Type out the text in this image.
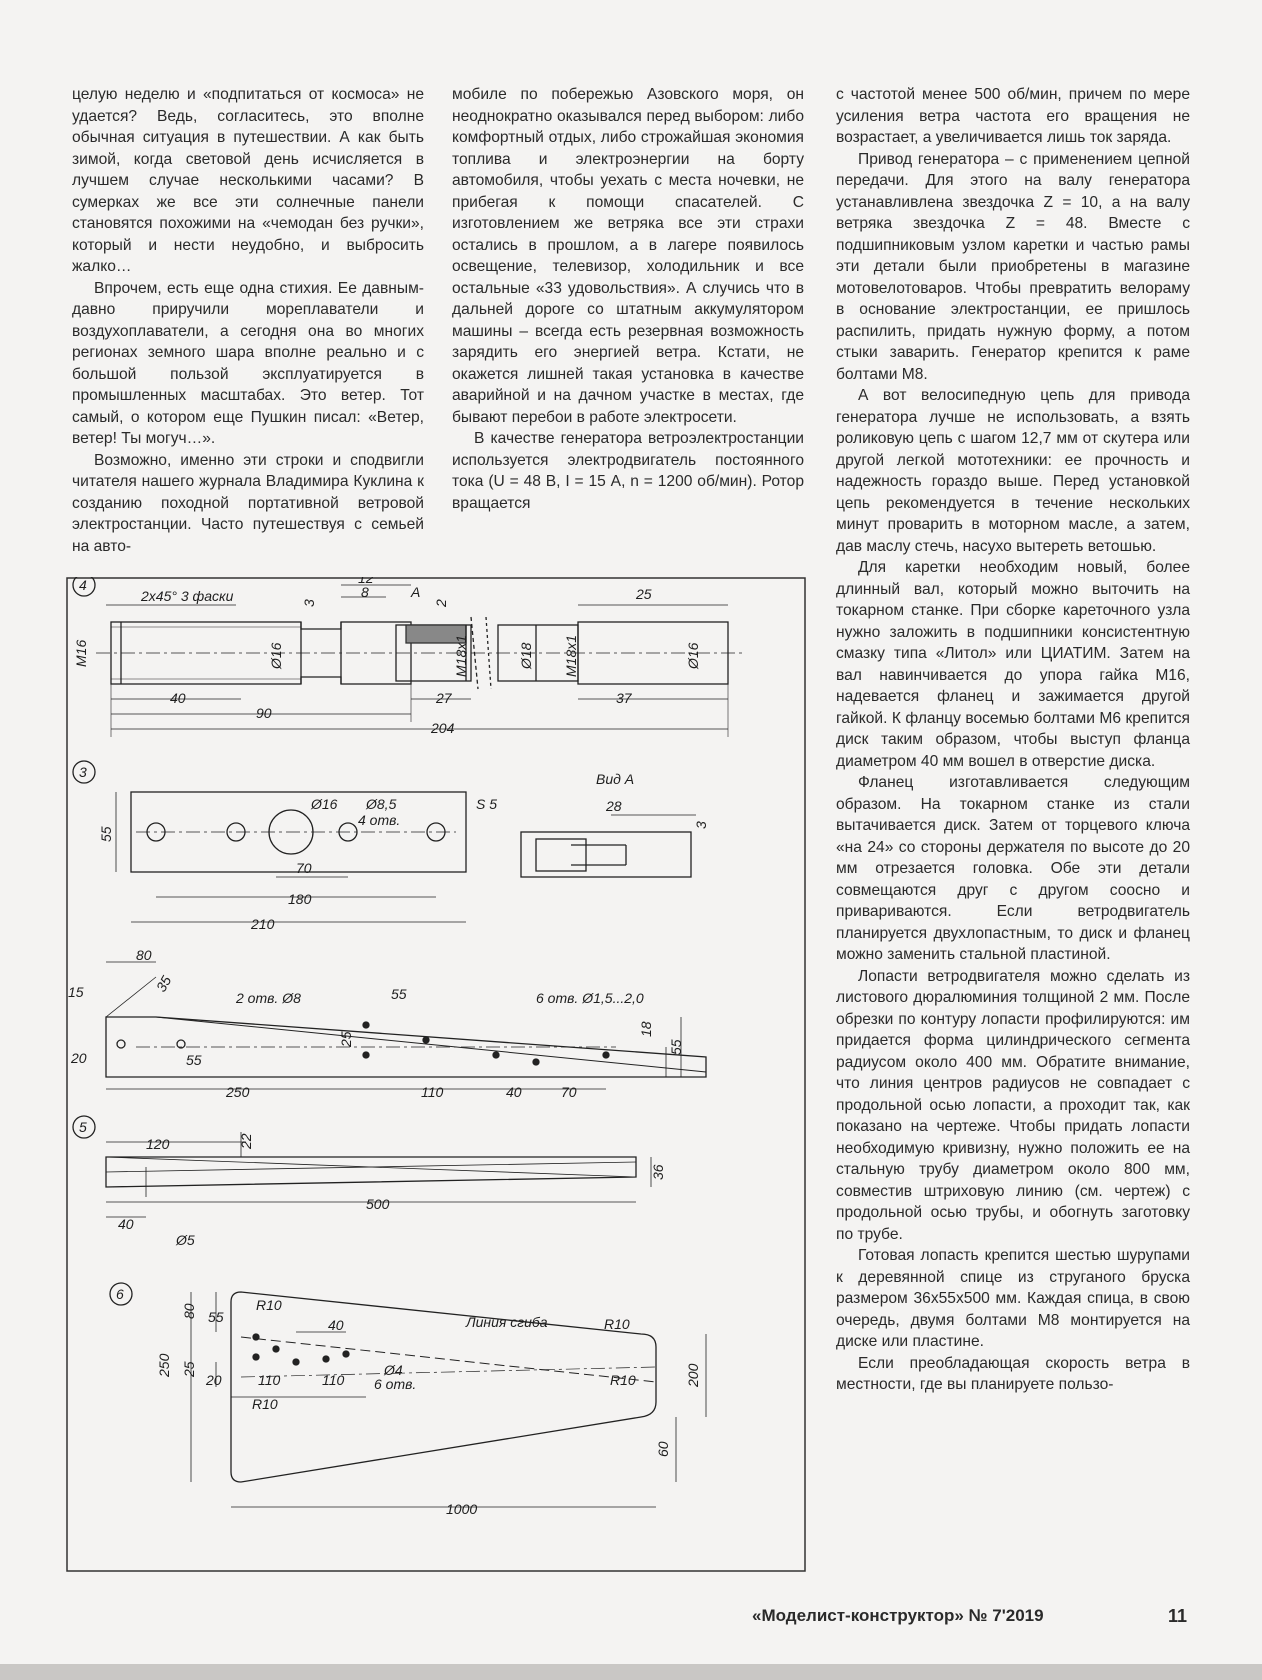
целую неделю и «подпитаться от космоса» не удается? Ведь, согласитесь, это вполне обычная ситуация в путешествии. А как быть зимой, когда световой день исчисляется в лучшем случае несколькими часами? В сумерках же все эти солнечные панели становятся похожими на «чемодан без ручки», который и нести неудобно, и выбросить жалко…

Впрочем, есть еще одна стихия. Ее давным-давно приручили мореплаватели и воздухоплаватели, а сегодня она во многих регионах земного шара вполне реально и с большой пользой эксплуатируется в промышленных масштабах. Это ветер. Тот самый, о котором еще Пушкин писал: «Ветер, ветер! Ты могуч…».

Возможно, именно эти строки и сподвигли читателя нашего журнала Владимира Куклина к созданию походной портативной ветровой электростанции. Часто путешествуя с семьей на авто-

мобиле по побережью Азовского моря, он неоднократно оказывался перед выбором: либо комфортный отдых, либо строжайшая экономия топлива и электроэнергии на борту автомобиля, чтобы уехать с места ночевки, не прибегая к помощи спасателей. С изготовлением же ветряка все эти страхи остались в прошлом, а в лагере появилось освещение, телевизор, холодильник и все остальные «33 удовольствия». А случись что в дальней дороге со штатным аккумулятором машины – всегда есть резервная возможность зарядить его энергией ветра. Кстати, не окажется лишней такая установка в качестве аварийной и на дачном участке в местах, где бывают перебои в работе электросети.

В качестве генератора ветроэлектростанции используется электродвигатель постоянного тока (U = 48 В, I = 15 А, n = 1200 об/мин). Ротор вращается

с частотой менее 500 об/мин, причем по мере усиления ветра частота его вращения не возрастает, а увеличивается лишь ток заряда.

Привод генератора – с применением цепной передачи. Для этого на валу генератора устанавливлена звездочка Z = 10, а на валу ветряка звездочка Z = 48. Вместе с подшипниковым узлом каретки и частью рамы эти детали были приобретены в магазине мотовелотоваров. Чтобы превратить велораму в основание электростанции, ее пришлось распилить, придать нужную форму, а потом стыки заварить. Генератор крепится к раме болтами М8.

А вот велосипедную цепь для привода генератора лучше не использовать, а взять роликовую цепь с шагом 12,7 мм от скутера или другой легкой мототехники: ее прочность и надежность гораздо выше. Перед установкой цепь рекомендуется в течение нескольких минут проварить в моторном масле, а затем, дав маслу стечь, насухо вытереть ветошью.

Для каретки необходим новый, более длинный вал, который можно выточить на токарном станке. При сборке кареточного узла нужно заложить в подшипники консистентную смазку типа «Литол» или ЦИАТИМ. Затем на вал навинчивается до упора гайка М16, надевается фланец и зажимается другой гайкой. К фланцу восемью болтами М6 крепится диск таким образом, чтобы выступ фланца диаметром 40 мм вошел в отверстие диска.

Фланец изготавливается следующим образом. На токарном станке из стали вытачивается диск. Затем от торцевого ключа «на 24» со стороны держателя по высоте до 20 мм отрезается головка. Обе эти детали совмещаются друг с другом соосно и привариваются. Если ветродвигатель планируется двухлопастным, то диск и фланец можно заменить стальной пластиной.

Лопасти ветродвигателя можно сделать из листового дюралюминия толщиной 2 мм. После обрезки по контуру лопасти профилируются: им придается форма цилиндрического сегмента радиусом около 400 мм. Обратите внимание, что линия центров радиусов не совпадает с продольной осью лопасти, а проходит так, как показано на чертеже. Чтобы придать лопасти необходимую кривизну, нужно положить ее на стальную трубу диаметром около 800 мм, совместив штриховую линию (см. чертеж) с продольной осью трубы, и обогнуть заготовку по трубе.

Готовая лопасть крепится шестью шурупами к деревянной спице из струганого бруска размером 36х55х500 мм. Каждая спица, в свою очередь, двумя болтами М8 монтируется на диске или пластине.

Если преобладающая скорость ветра в местности, где вы планируете пользо-

4
2х45° 3 фаски
М16	Ø16
3
12
8	А
2
М18х1	Ø18 М18х1
25
Ø16
40	27	37
90
204
3	Вид А
Ø16 Ø8,5
4 отв.
S 5	28
55
3
70
180
210
5
80
15	35
2 отв. Ø8	55	6 отв. Ø1,5...2,0
25
18
55
20	55
250	110	40	70
120	22
36
500
40
Ø5
6
80	R10
55	40	Линия сгиба	R10
250 25	Ø4
6 отв.	200
20	110	110
R10
R10
60
1000
«Моделист-конструктор» № 7'2019	11
